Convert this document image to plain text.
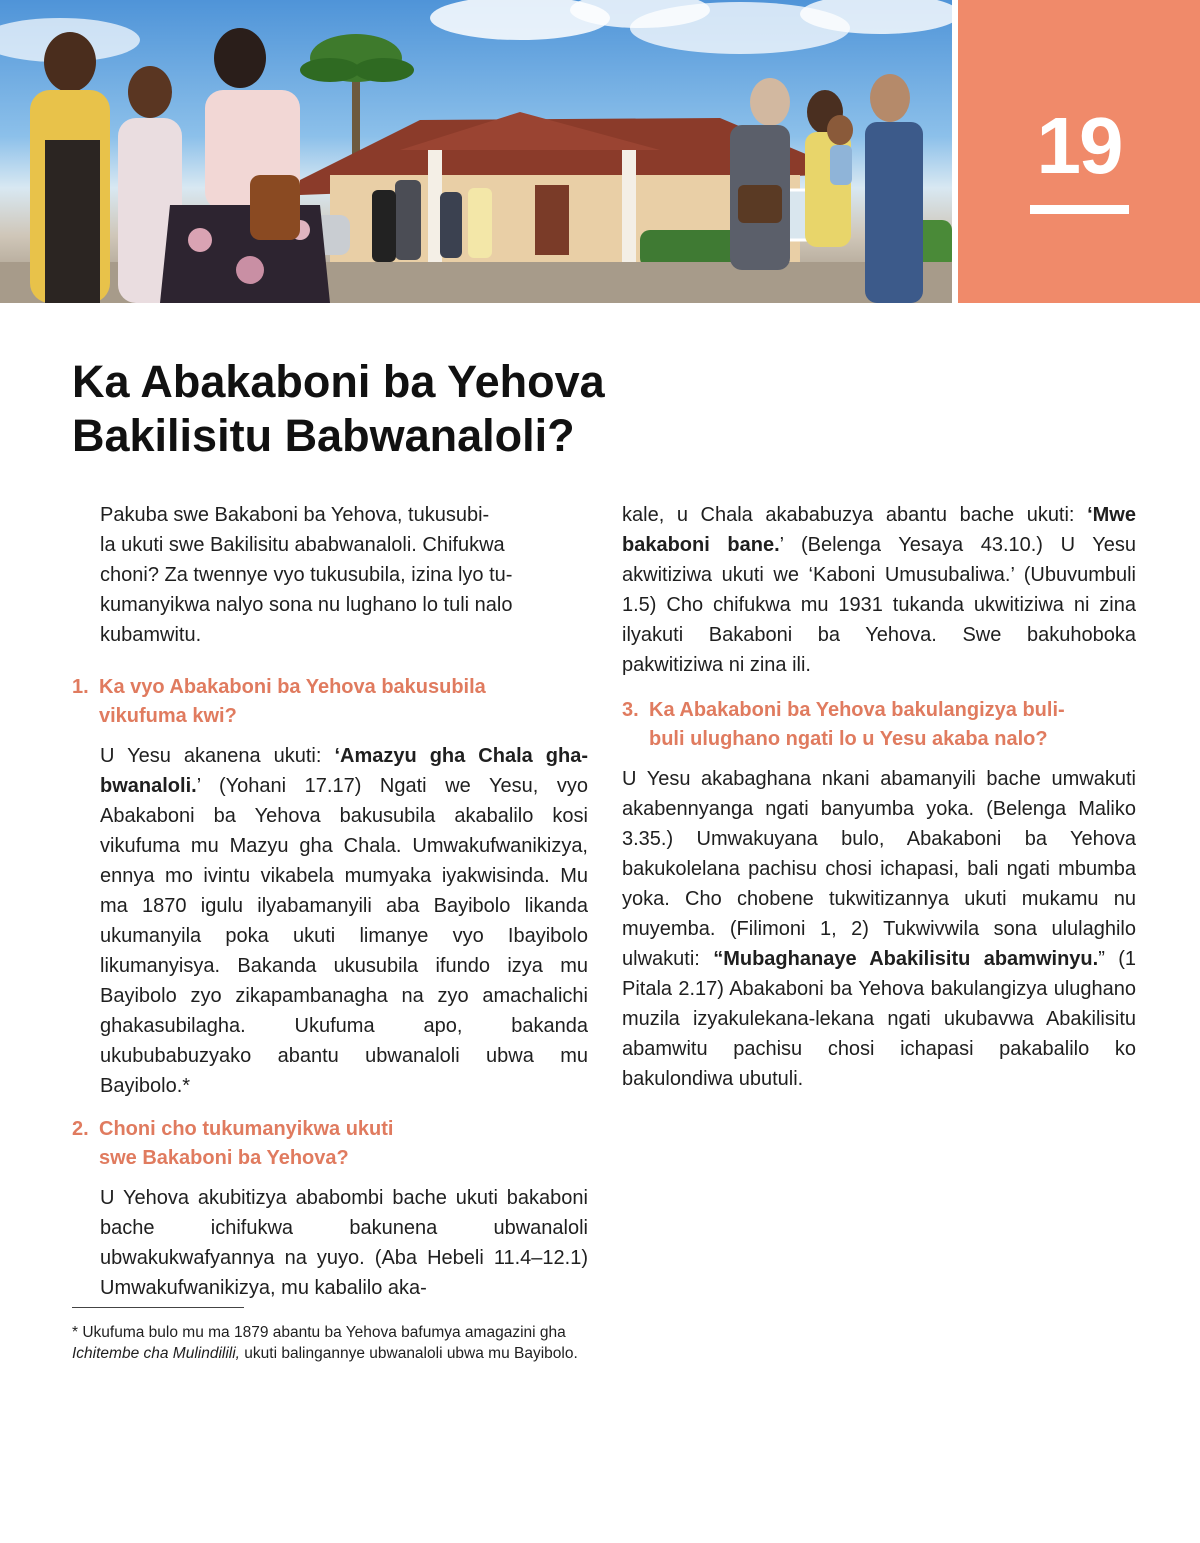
19
Ka Abakaboni ba Yehova
Bakilisitu Babwanaloli?

Pakuba swe Bakaboni ba Yehova, tukusubi-
la ukuti swe Bakilisitu ababwanaloli. Chifukwa
choni? Za twennye vyo tukusubila, izina lyo tu-
kumanyikwa nalyo sona nu lughano lo tuli nalo
kubamwitu.

1. Ka vyo Abakaboni ba Yehova bakusubila
vikufuma kwi?

U Yesu akanena ukuti: ‘Amazyu gha Chala gha-bwanaloli.’ (Yohani 17.17) Ngati we Yesu, vyo Abakaboni ba Yehova bakusubila akabalilo kosi vikufuma mu Mazyu gha Chala. Umwakufwanikizya, ennya mo ivintu vikabela mumyaka iyakwisinda. Mu ma 1870 igulu ilyabamanyili aba Bayibolo likanda ukumanyila poka ukuti limanye vyo Ibayibolo likumanyisya. Bakanda ukusubila ifundo izya mu Bayibolo zyo zikapambanagha na zyo amachalichi ghakasubilagha. Ukufuma apo, bakanda ukububabuzyako abantu ubwanaloli ubwa mu Bayibolo.*

2. Choni cho tukumanyikwa ukuti
swe Bakaboni ba Yehova?

U Yehova akubitizya ababombi bache ukuti bakaboni bache ichifukwa bakunena ubwanaloli ubwakukwafyannya na yuyo. (Aba Hebeli 11.4–12.1) Umwakufwanikizya, mu kabalilo aka-

kale, u Chala akababuzya abantu bache ukuti: ‘Mwe bakaboni bane.’ (Belenga Yesaya 43.10.) U Yesu akwitiziwa ukuti we ‘Kaboni Umusubaliwa.’ (Ubuvumbuli 1.5) Cho chifukwa mu 1931 tukanda ukwitiziwa ni zina ilyakuti Bakaboni ba Yehova. Swe bakuhoboka pakwitiziwa ni zina ili.

3. Ka Abakaboni ba Yehova bakulangizya buli-
buli ulughano ngati lo u Yesu akaba nalo?

U Yesu akabaghana nkani abamanyili bache umwakuti akabennyanga ngati banyumba yoka. (Belenga Maliko 3.35.) Umwakuyana bulo, Abakaboni ba Yehova bakukolelana pachisu chosi ichapasi, bali ngati mbumba yoka. Cho chobene tukwitizannya ukuti mukamu nu muyemba. (Filimoni 1, 2) Tukwivwila sona ululaghilo ulwakuti: “Mubaghanaye Abakilisitu abamwinyu.” (1 Pitala 2.17) Abakaboni ba Yehova bakulangizya ulughano muzila izyakulekana-lekana ngati ukubavwa Abakilisitu abamwitu pachisu chosi ichapasi pakabalilo ko bakulondiwa ubutuli.

* Ukufuma bulo mu ma 1879 abantu ba Yehova bafumya amagazini gha Ichitembe cha Mulindilili, ukuti balingannye ubwanaloli ubwa mu Bayibolo.
